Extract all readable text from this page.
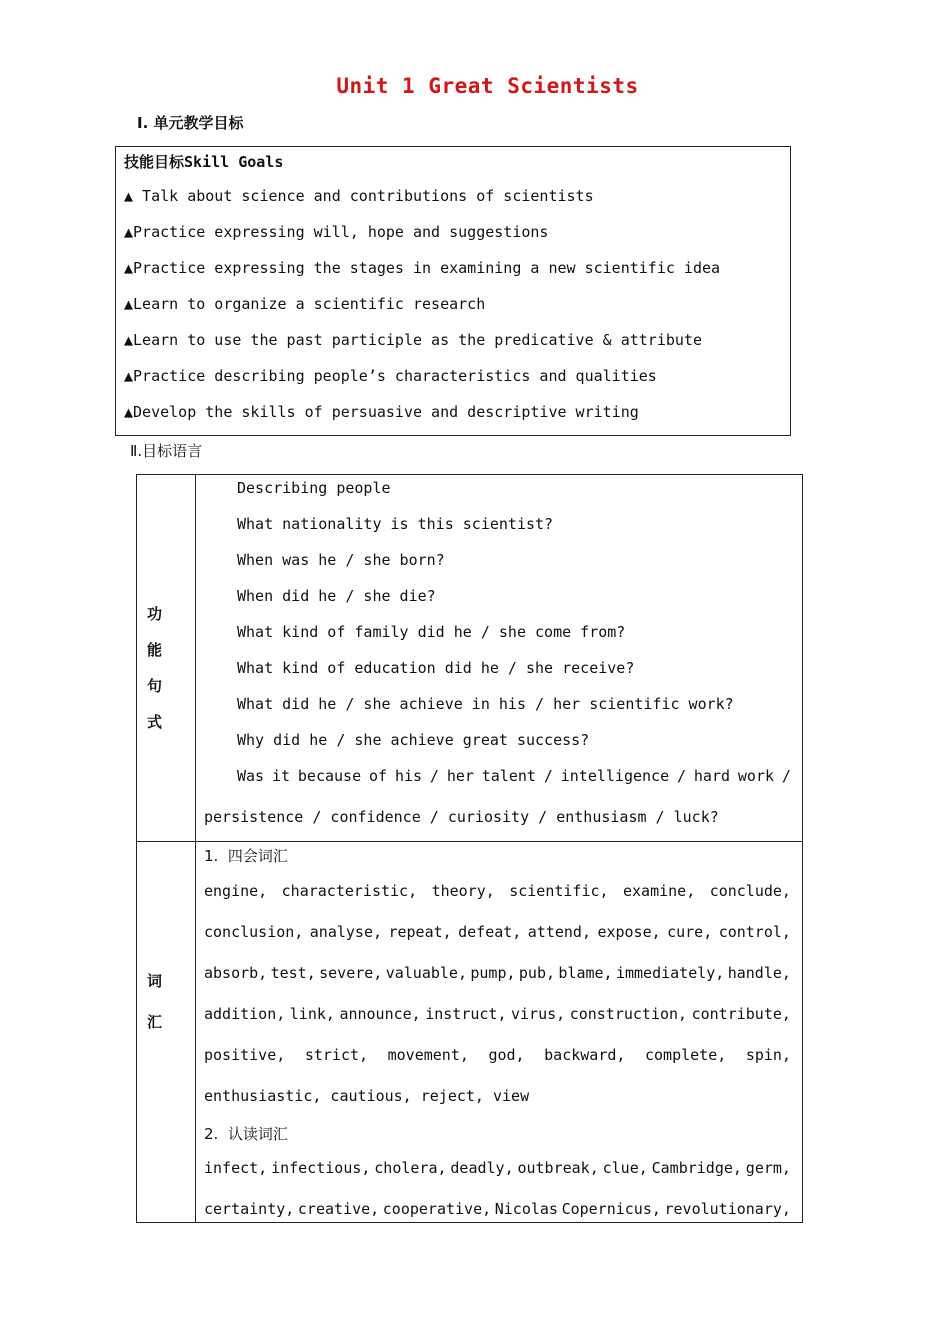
Unit 1 Great Scientists
Ⅰ. 单元教学目标
技能目标Skill Goals
▲ Talk about science and contributions of scientists
▲Practice expressing will, hope and suggestions
▲Practice expressing the stages in examining a new scientific idea
▲Learn to organize a scientific research
▲Learn to use the past participle as the predicative & attribute
▲Practice describing people’s characteristics and qualities
▲Develop the skills of persuasive and descriptive writing
Ⅱ.目标语言
功
能
句
式
Describing people
What nationality is this scientist?
When was he / she born?
When did he / she die?
What kind of family did he / she come from?
What kind of education did he / she receive?
What did he / she achieve in his / her scientific work?
Why did he / she achieve great success?
Was it because of his / her talent / intelligence / hard work /
persistence / confidence / curiosity / enthusiasm / luck?
词
汇
1.  四会词汇
engine, characteristic, theory, scientific, examine, conclude,
conclusion, analyse, repeat, defeat, attend, expose, cure, control,
absorb, test, severe, valuable, pump, pub, blame, immediately, handle,
addition, link, announce, instruct, virus, construction, contribute,
positive, strict, movement, god, backward, complete, spin,
enthusiastic, cautious, reject, view
2.  认读词汇
infect, infectious, cholera, deadly, outbreak, clue, Cambridge, germ,
certainty, creative, cooperative, Nicolas Copernicus, revolutionary,
